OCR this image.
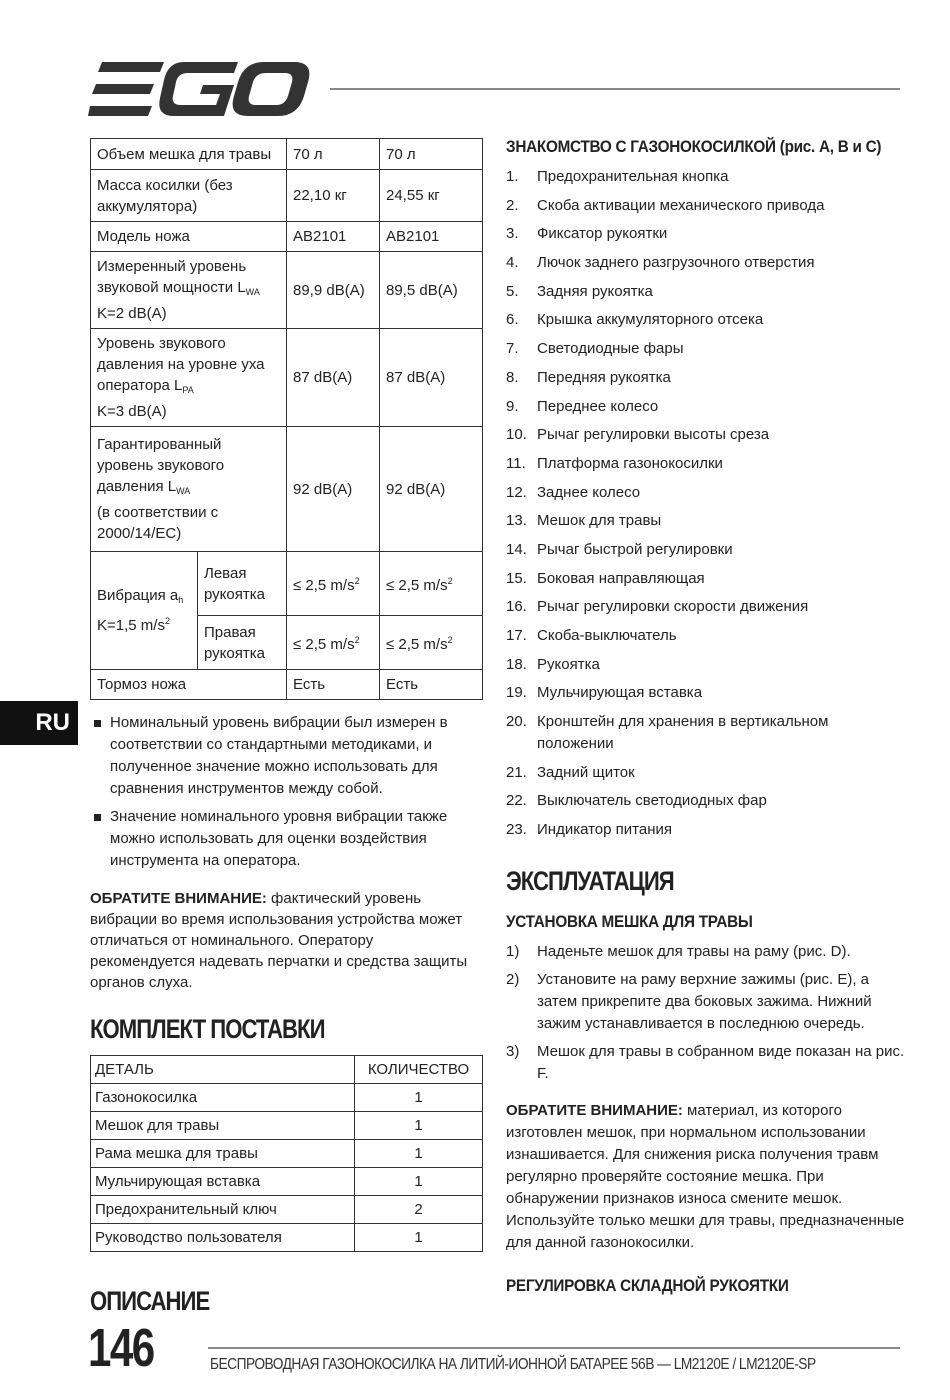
Объем мешка для травы		70 л	70 л
Масса косилки (без аккумулятора)		22,10 кг	24,55 кг
Модель ножа		AB2101	AB2101
Измеренный уровень звуковой мощности $L_{WA}$
K=2 dB(A)		89,9 dB(A)	89,5 dB(A)
Уровень звукового давления на уровне уха оператора $L_{PA}$
K=3 dB(A)		87 dB(A)	87 dB(A)
Гарантированный уровень звукового давления $L_{WA}$
(в соответствии с 2000/14/EC)		92 dB(A)	92 dB(A)
Вибрация $a_h$
K=1,5 $m/s^2$	Левая рукоятка	≤ 2,5 $m/s^2$	≤ 2,5 $m/s^2$
	Правая рукоятка	≤ 2,5 $m/s^2$	≤ 2,5 $m/s^2$
Тормоз ножа		Есть	Есть
RU	Номинальный уровень вибрации был измерен в соответствии со стандартными методиками, и полученное значение можно использовать для сравнения инструментов между собой.
Значение номинального уровня вибрации также можно использовать для оценки воздействия инструмента на оператора.
ОБРАТИТЕ ВНИМАНИЕ: фактический уровень вибрации во время использования устройства может отличаться от номинального. Оператору рекомендуется надевать перчатки и средства защиты органов слуха.
КОМПЛЕКТ ПОСТАВКИ
ДЕТАЛЬ	КОЛИЧЕСТВО
Газонокосилка	1
Мешок для травы	1
Рама мешка для травы	1
Мульчирующая вставка	1
Предохранительный ключ	2
Руководство пользователя	1
ОПИСАНИЕ
ЗНАКОМСТВО С ГАЗОНОКОСИЛКОЙ (рис. A, B и C)
1.	Предохранительная кнопка
2.	Скоба активации механического привода
3.	Фиксатор рукоятки
4.	Лючок заднего разгрузочного отверстия
5.	Задняя рукоятка
6.	Крышка аккумуляторного отсека
7.	Светодиодные фары
8.	Передняя рукоятка
9.	Переднее колесо
10. Рычаг регулировки высоты среза
11. Платформа газонокосилки
12. Заднее колесо
13. Мешок для травы
14. Рычаг быстрой регулировки
15. Боковая направляющая
16. Рычаг регулировки скорости движения
17. Скоба-выключатель
18. Рукоятка
19. Мульчирующая вставка
20. Кронштейн для хранения в вертикальном положении
21. Задний щиток
22. Выключатель светодиодных фар
23. Индикатор питания
ЭКСПЛУАТАЦИЯ
УСТАНОВКА МЕШКА ДЛЯ ТРАВЫ
1)	Наденьте мешок для травы на раму (рис. D).
2)	Установите на раму верхние зажимы (рис. E), а затем прикрепите два боковых зажима. Нижний зажим устанавливается в последнюю очередь.
3)	Мешок для травы в собранном виде показан на рис. F.
ОБРАТИТЕ ВНИМАНИЕ: материал, из которого изготовлен мешок, при нормальном использовании изнашивается. Для снижения риска получения травм регулярно проверяйте состояние мешка. При обнаружении признаков износа смените мешок. Используйте только мешки для травы, предназначенные для данной газонокосилки.
РЕГУЛИРОВКА СКЛАДНОЙ РУКОЯТКИ
146	БЕСПРОВОДНАЯ ГАЗОНОКОСИЛКА НА ЛИТИЙ-ИОННОЙ БАТАРЕЕ 56В — LM2120E / LM2120E-SP
